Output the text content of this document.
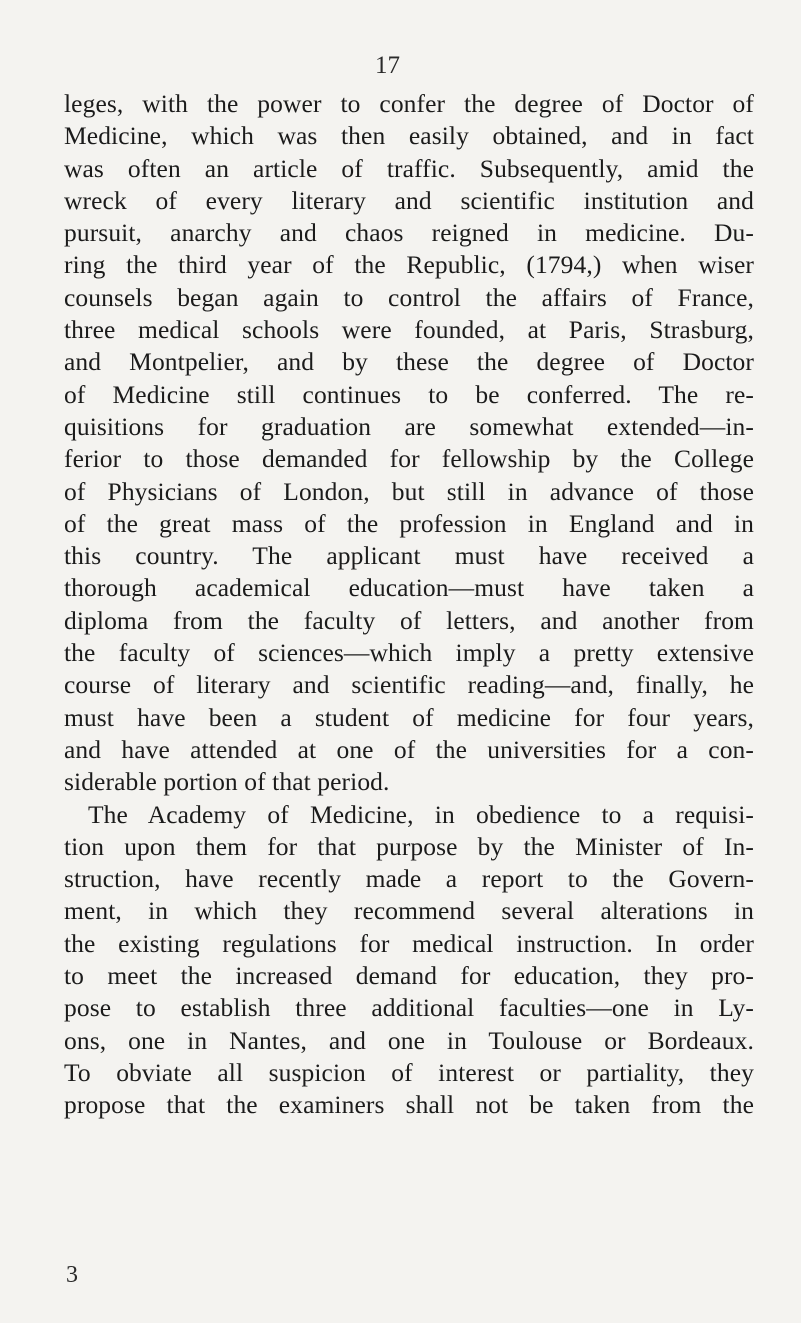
17
leges, with the power to confer the degree of Doctor of
Medicine, which was then easily obtained, and in fact
was often an article of traffic. Subsequently, amid the
wreck of every literary and scientific institution and
pursuit, anarchy and chaos reigned in medicine. Du-
ring the third year of the Republic, (1794,) when wiser
counsels began again to control the affairs of France,
three medical schools were founded, at Paris, Strasburg,
and Montpelier, and by these the degree of Doctor
of Medicine still continues to be conferred. The re-
quisitions for graduation are somewhat extended—in-
ferior to those demanded for fellowship by the College
of Physicians of London, but still in advance of those
of the great mass of the profession in England and in
this country. The applicant must have received a
thorough academical education—must have taken a
diploma from the faculty of letters, and another from
the faculty of sciences—which imply a pretty extensive
course of literary and scientific reading—and, finally, he
must have been a student of medicine for four years,
and have attended at one of the universities for a con-
siderable portion of that period.
The Academy of Medicine, in obedience to a requisi-
tion upon them for that purpose by the Minister of In-
struction, have recently made a report to the Govern-
ment, in which they recommend several alterations in
the existing regulations for medical instruction. In order
to meet the increased demand for education, they pro-
pose to establish three additional faculties—one in Ly-
ons, one in Nantes, and one in Toulouse or Bordeaux.
To obviate all suspicion of interest or partiality, they
propose that the examiners shall not be taken from the
3
